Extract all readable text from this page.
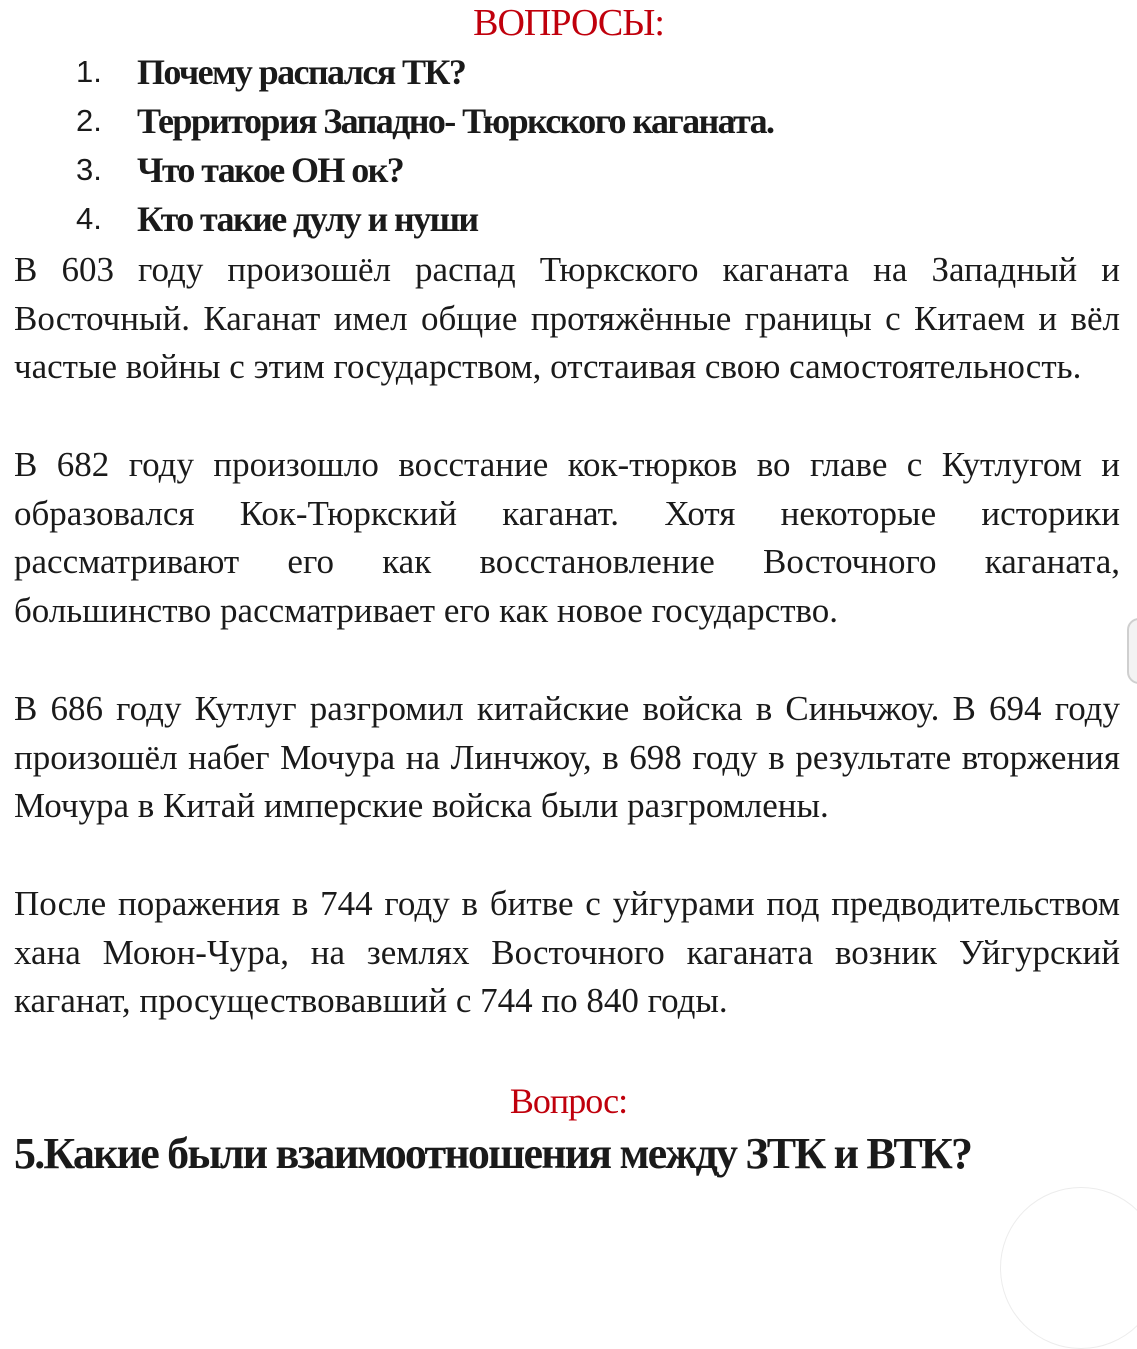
ВОПРОСЫ:
1. Почему распался ТК?
2. Территория Западно- Тюркского каганата.
3. Что такое ОН ок?
4. Кто такие дулу и нуши

В 603 году произошёл распад Тюркского каганата на Западный и Восточный. Каганат имел общие протяжённые границы с Китаем и вёл частые войны с этим государством, отстаивая свою самостоятельность.

В 682 году произошло восстание кок-тюрков во главе с Кутлугом и образовался Кок-Тюркский каганат. Хотя некоторые историки рассматривают его как восстановление Восточного каганата, большинство рассматривает его как новое государство.

В 686 году Кутлуг разгромил китайские войска в Синьчжоу. В 694 году произошёл набег Мочура на Линчжоу, в 698 году в результате вторжения Мочура в Китай имперские войска были разгромлены.

После поражения в 744 году в битве с уйгурами под предводительством хана Моюн-Чура, на землях Восточного каганата возник Уйгурский каганат, просуществовавший с 744 по 840 годы.

Вопрос:
5.Какие были взаимоотношения между ЗТК и ВТК?
